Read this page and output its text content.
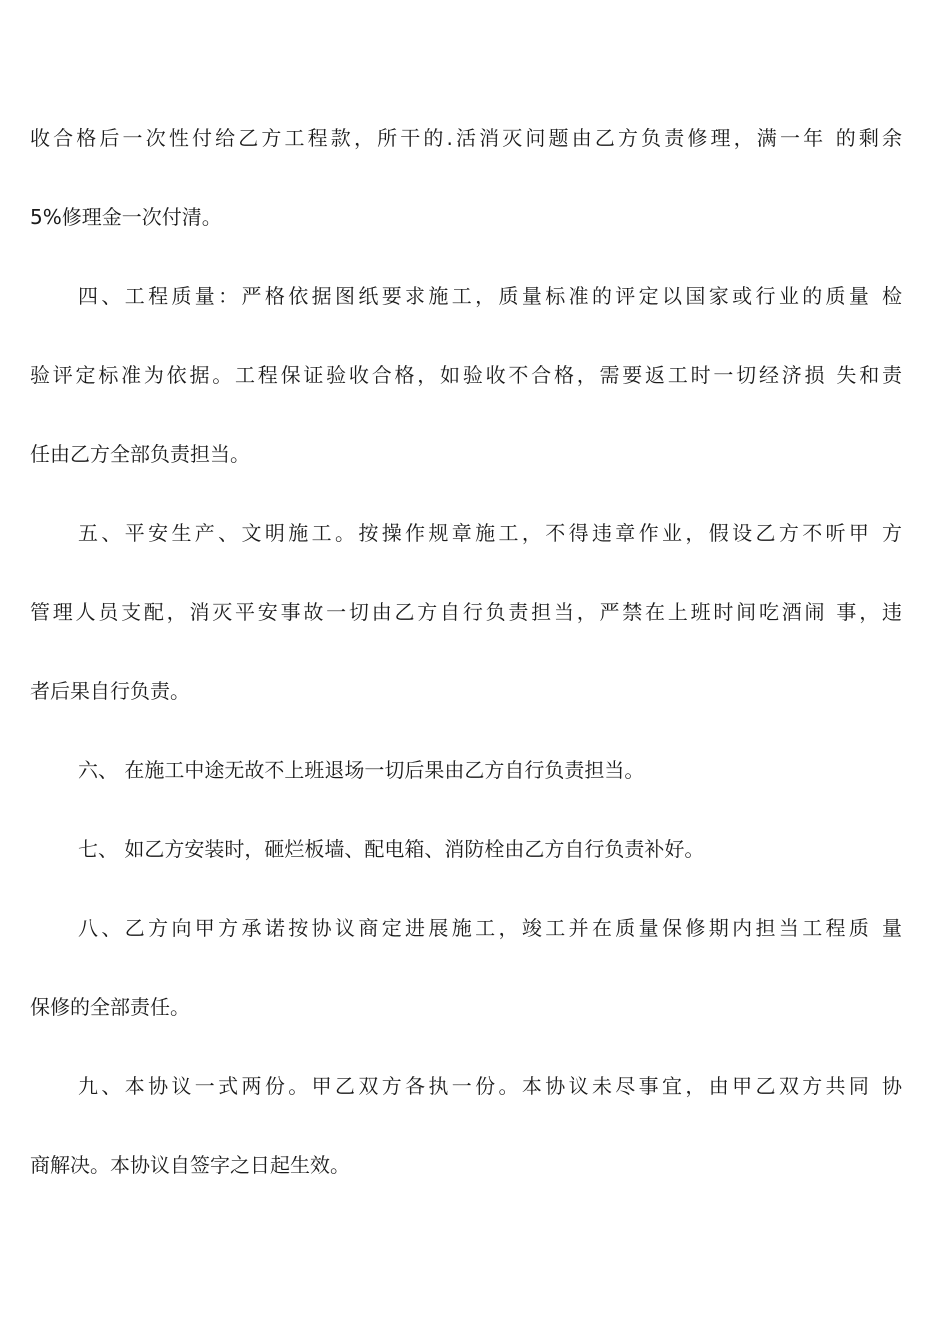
收合格后一次性付给乙方工程款，所干的.活消灭问题由乙方负责修理，满一年 的剩余
5%修理金一次付清。
四、工程质量：严格依据图纸要求施工，质量标准的评定以国家或行业的质量 检
验评定标准为依据。工程保证验收合格，如验收不合格，需要返工时一切经济损 失和责
任由乙方全部负责担当。
五、平安生产、文明施工。按操作规章施工，不得违章作业，假设乙方不听甲 方
管理人员支配，消灭平安事故一切由乙方自行负责担当，严禁在上班时间吃酒闹 事，违
者后果自行负责。
六、 在施工中途无故不上班退场一切后果由乙方自行负责担当。
七、 如乙方安装时，砸烂板墙、配电箱、消防栓由乙方自行负责补好。
八、乙方向甲方承诺按协议商定进展施工，竣工并在质量保修期内担当工程质 量
保修的全部责任。
九、本协议一式两份。甲乙双方各执一份。本协议未尽事宜，由甲乙双方共同 协
商解决。本协议自签字之日起生效。
